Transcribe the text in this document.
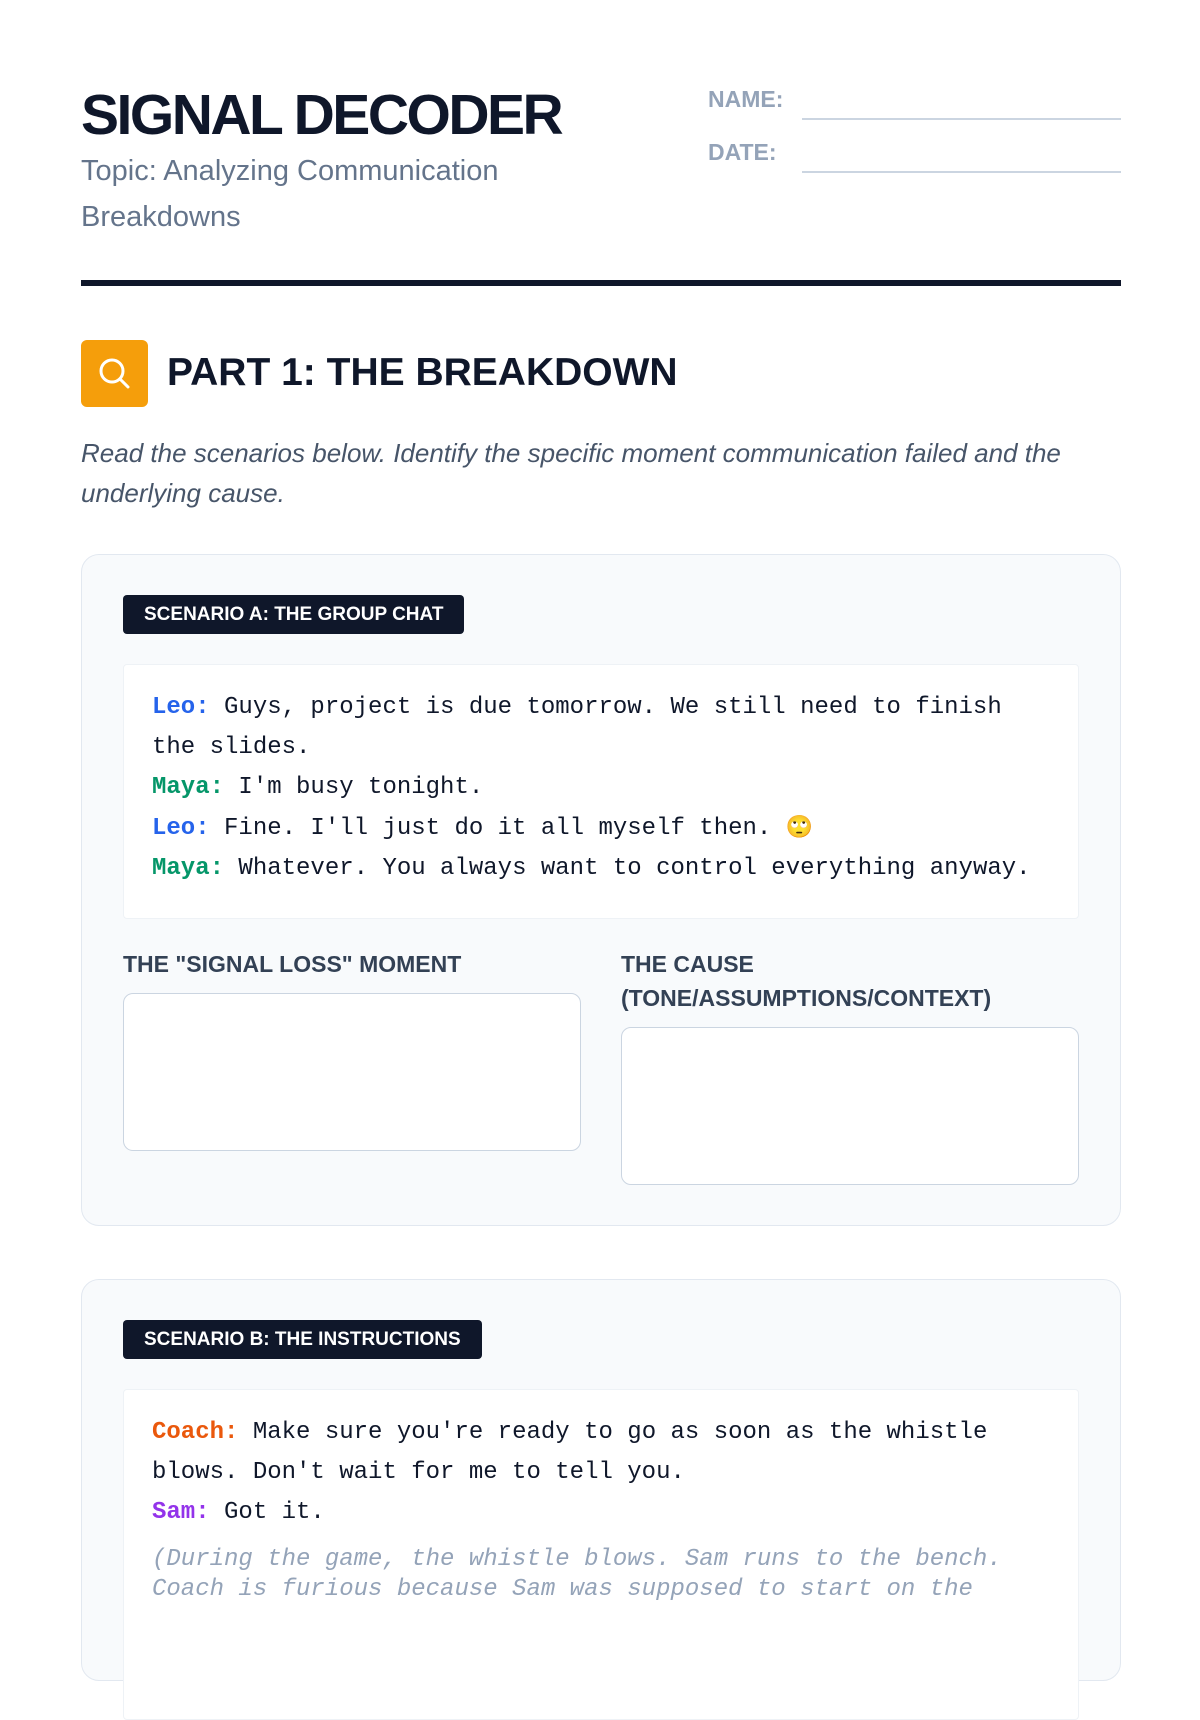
SIGNAL DECODER
Topic: Analyzing Communication Breakdowns
NAME:
DATE:
PART 1: THE BREAKDOWN

Read the scenarios below. Identify the specific moment communication failed and the underlying cause.

SCENARIO A: THE GROUP CHAT

Leo: Guys, project is due tomorrow. We still need to finish the slides.

Maya: I'm busy tonight.

Leo: Fine. I'll just do it all myself then. 🙄

Maya: Whatever. You always want to control everything anyway.

THE "SIGNAL LOSS" MOMENT	THE CAUSE (TONE/ASSUMPTIONS/CONTEXT)

SCENARIO B: THE INSTRUCTIONS

Coach: Make sure you're ready to go as soon as the whistle blows. Don't wait for me to tell you.

Sam: Got it.

(During the game, the whistle blows. Sam runs to the bench. Coach is furious because Sam was supposed to start on the
